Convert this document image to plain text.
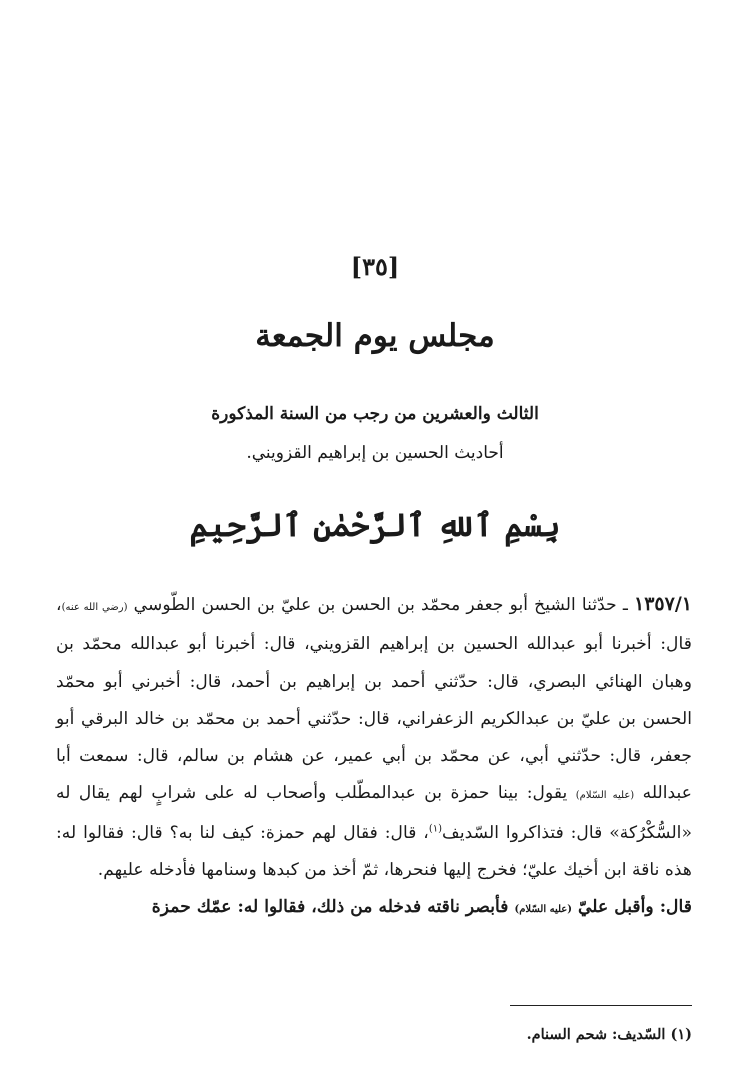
[٣٥]
مجلس يوم الجمعة
الثالث والعشرين من رجب من السنة المذكورة
أحاديث الحسين بن إبراهيم القزويني.
بِسْمِ ٱللهِ ٱلرَّحْمٰنِ ٱلرَّحِيمِ

١٣٥٧/١ ـ حدّثنا الشيخ أبو جعفر محمّد بن الحسن بن عليّ بن الحسن الطّوسي (رضي الله عنه)، قال: أخبرنا أبو عبدالله الحسين بن إبراهيم القزويني، قال: أخبرنا أبو عبدالله محمّد بن وهبان الهنائي البصري، قال: حدّثني أحمد بن إبراهيم بن أحمد، قال: أخبرني أبو محمّد الحسن بن عليّ بن عبدالكريم الزعفراني، قال: حدّثني أحمد بن محمّد بن خالد البرقي أبو جعفر، قال: حدّثني أبي، عن محمّد بن أبي عمير، عن هشام بن سالم، قال: سمعت أبا عبدالله (عليه السّلام) يقول: بينا حمزة بن عبدالمطّلب وأصحاب له على شرابٍ لهم يقال له «السُّكْرُكة» قال: فتذاكروا السّديف$^{(١)}$، قال: فقال لهم حمزة: كيف لنا به؟ قال: فقالوا له: هذه ناقة ابن أخيك عليّ؛ فخرج إليها فنحرها، ثمّ أخذ من كبدها وسنامها فأدخله عليهم.

قال: وأقبل عليّ (عليه السّلام) فأبصر ناقته فدخله من ذلك، فقالوا له: عمّك حمزة

(١) السّديف: شحم السنام.
